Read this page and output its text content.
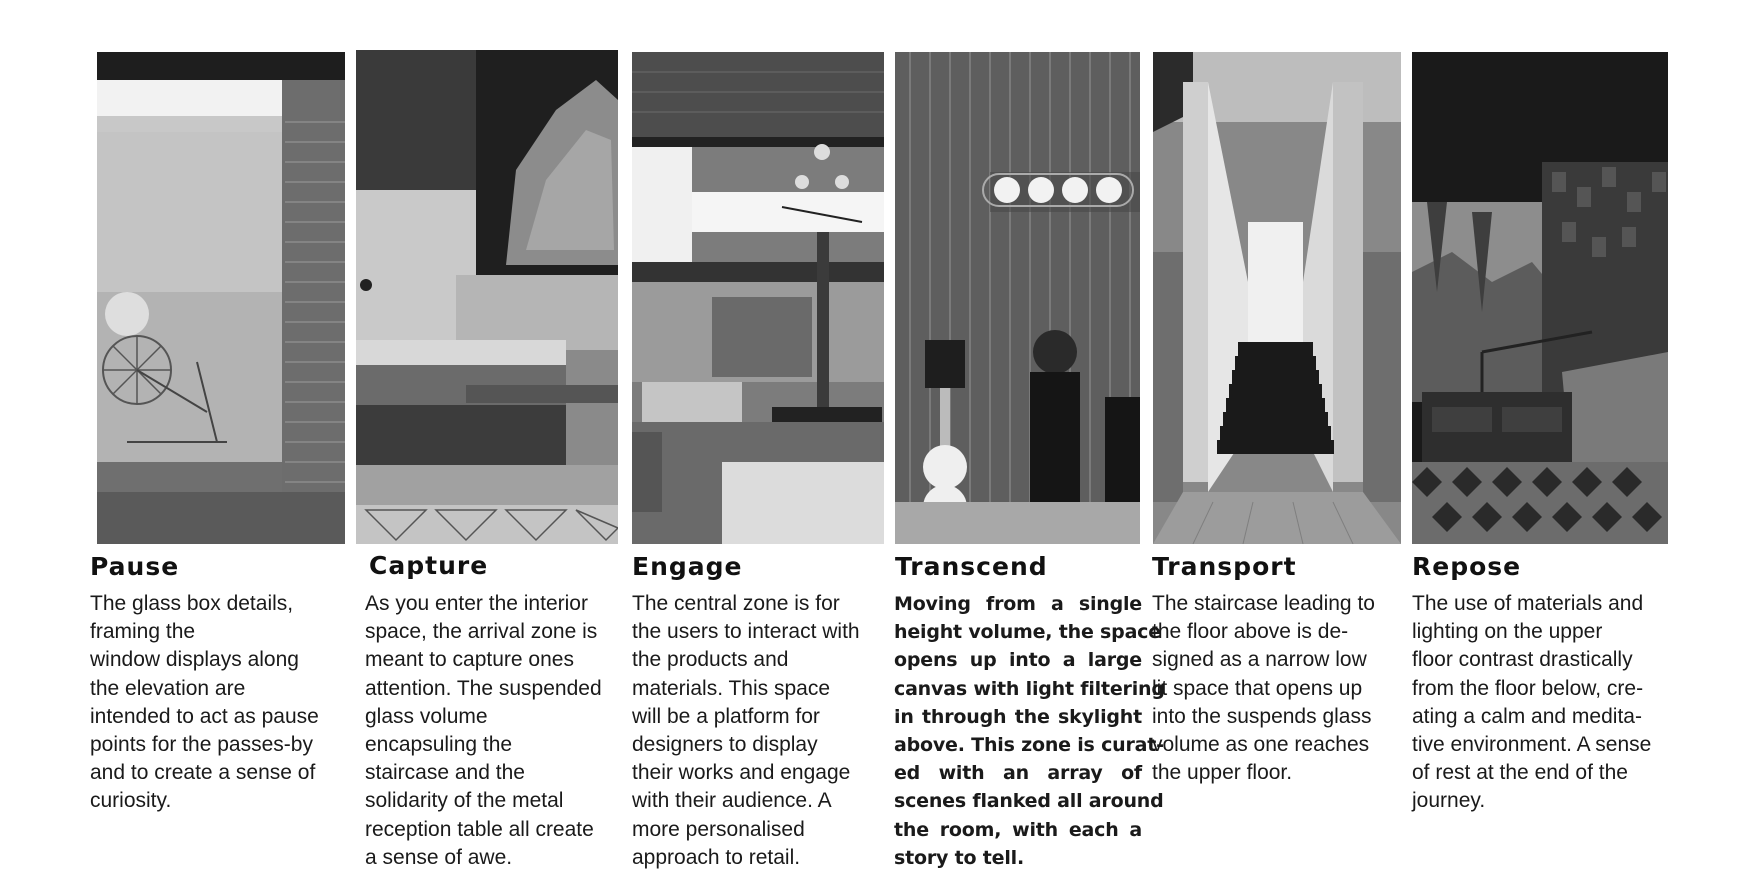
Pause
The glass box details,
framing the
window displays along
the elevation are
intended to act as pause
points for the passes-by
and to create a sense of
curiosity.
Capture
As you enter the interior
space, the arrival zone is
meant to capture ones
attention. The suspended
glass volume
encapsuling the
staircase and the
solidarity of the metal
reception table all create
a sense of awe.
Engage
The central zone is for
the users to interact with
the products and
materials. This space
will be a platform for
designers to display
their works and engage
with their audience. A
more personalised
approach to retail.
Transcend
Moving from a single
height volume, the space
opens up into a large
canvas with light filtering
in through the skylight
above. This zone is curat-
ed with an array of
scenes flanked all around
the room, with each a
story to tell.
Transport
The staircase leading to
the floor above is de-
signed as a narrow low
lit space that opens up
into the suspends glass
volume as one reaches
the upper floor.
Repose
The use of materials and
lighting on the upper
floor contrast drastically
from the floor below, cre-
ating a calm and medita-
tive environment. A sense
of rest at the end of the
journey.
